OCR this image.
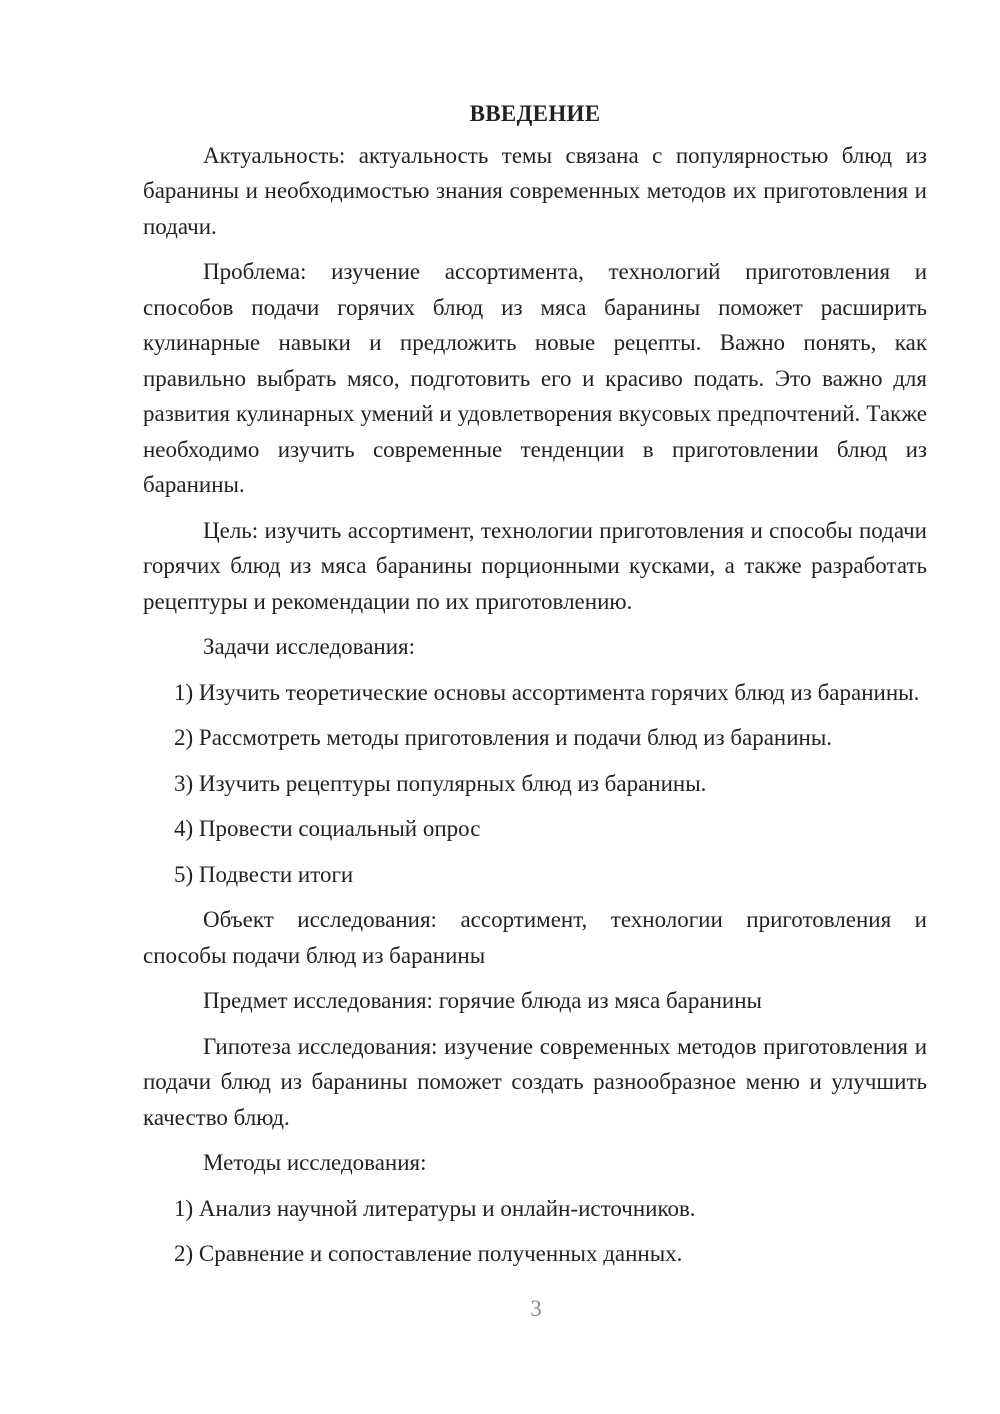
ВВЕДЕНИЕ

Актуальность: актуальность темы связана с популярностью блюд из баранины и необходимостью знания современных методов их приготовления и подачи.

Проблема: изучение ассортимента, технологий приготовления и способов подачи горячих блюд из мяса баранины поможет расширить кулинарные навыки и предложить новые рецепты. Важно понять, как правильно выбрать мясо, подготовить его и красиво подать. Это важно для развития кулинарных умений и удовлетворения вкусовых предпочтений. Также необходимо изучить современные тенденции в приготовлении блюд из баранины.

Цель: изучить ассортимент, технологии приготовления и способы подачи горячих блюд из мяса баранины порционными кусками, а также разработать рецептуры и рекомендации по их приготовлению.

Задачи исследования:

1) Изучить теоретические основы ассортимента горячих блюд из баранины.

2) Рассмотреть методы приготовления и подачи блюд из баранины.

3) Изучить рецептуры популярных блюд из баранины.

4) Провести социальный опрос

5) Подвести итоги

Объект исследования: ассортимент, технологии приготовления и способы подачи блюд из баранины

Предмет исследования: горячие блюда из мяса баранины

Гипотеза исследования: изучение современных методов приготовления и подачи блюд из баранины поможет создать разнообразное меню и улучшить качество блюд.

Методы исследования:

1) Анализ научной литературы и онлайн-источников.

2) Сравнение и сопоставление полученных данных.

3
